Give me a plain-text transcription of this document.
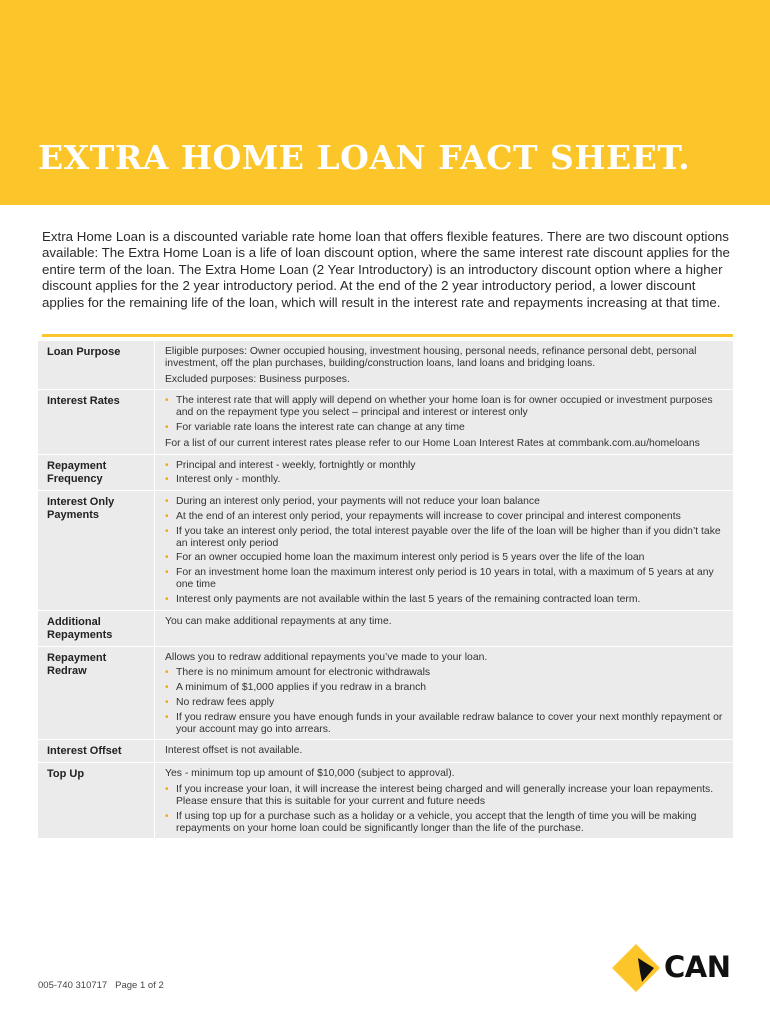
EXTRA HOME LOAN FACT SHEET.

Extra Home Loan is a discounted variable rate home loan that offers flexible features. There are two discount options available: The Extra Home Loan is a life of loan discount option, where the same interest rate discount applies for the entire term of the loan. The Extra Home Loan (2 Year Introductory) is an introductory discount option where a higher discount applies for the 2 year introductory period. At the end of the 2 year introductory period, a lower discount applies for the remaining life of the loan, which will result in the interest rate and repayments increasing at that time.

Loan Purpose	Eligible purposes: Owner occupied housing, investment housing, personal needs, refinance personal debt, personal investment, off the plan purchases, building/construction loans, land loans and bridging loans.

Excluded purposes: Business purposes.

Interest Rates
•	The interest rate that will apply will depend on whether your home loan is for owner occupied or investment purposes and on the repayment type you select – principal and interest or interest only
• For variable rate loans the interest rate can change at any time

For a list of our current interest rates please refer to our Home Loan Interest Rates at commbank.com.au/homeloans

Repayment Frequency
• Principal and interest - weekly, fortnightly or monthly
• Interest only - monthly.
Interest Only Payments
• During an interest only period, your payments will not reduce your loan balance
• At the end of an interest only period, your repayments will increase to cover principal and interest components
• If you take an interest only period, the total interest payable over the life of the loan will be higher than if you didn’t take an interest only period
• For an owner occupied home loan the maximum interest only period is 5 years over the life of the loan
• For an investment home loan the maximum interest only period is 10 years in total, with a maximum of 5 years at any one time
• Interest only payments are not available within the last 5 years of the remaining contracted loan term.
Additional Repayments

You can make additional repayments at any time.

Repayment Redraw

Allows you to redraw additional repayments you’ve made to your loan.

• There is no minimum amount for electronic withdrawals
• A minimum of $1,000 applies if you redraw in a branch
• No redraw fees apply
• If you redraw ensure you have enough funds in your available redraw balance to cover your next monthly repayment or your account may go into arrears.
Interest Offset	Interest offset is not available.

Top Up	Yes - minimum top up amount of $10,000 (subject to approval).

• If you increase your loan, it will increase the interest being charged and will generally increase your loan repayments. Please ensure that this is suitable for your current and future needs
• If using top up for a purchase such as a holiday or a vehicle, you accept that the length of time you will be making repayments on your home loan could be significantly longer than the life of the purchase.
005-740 310717 Page 1 of 2
CAN
